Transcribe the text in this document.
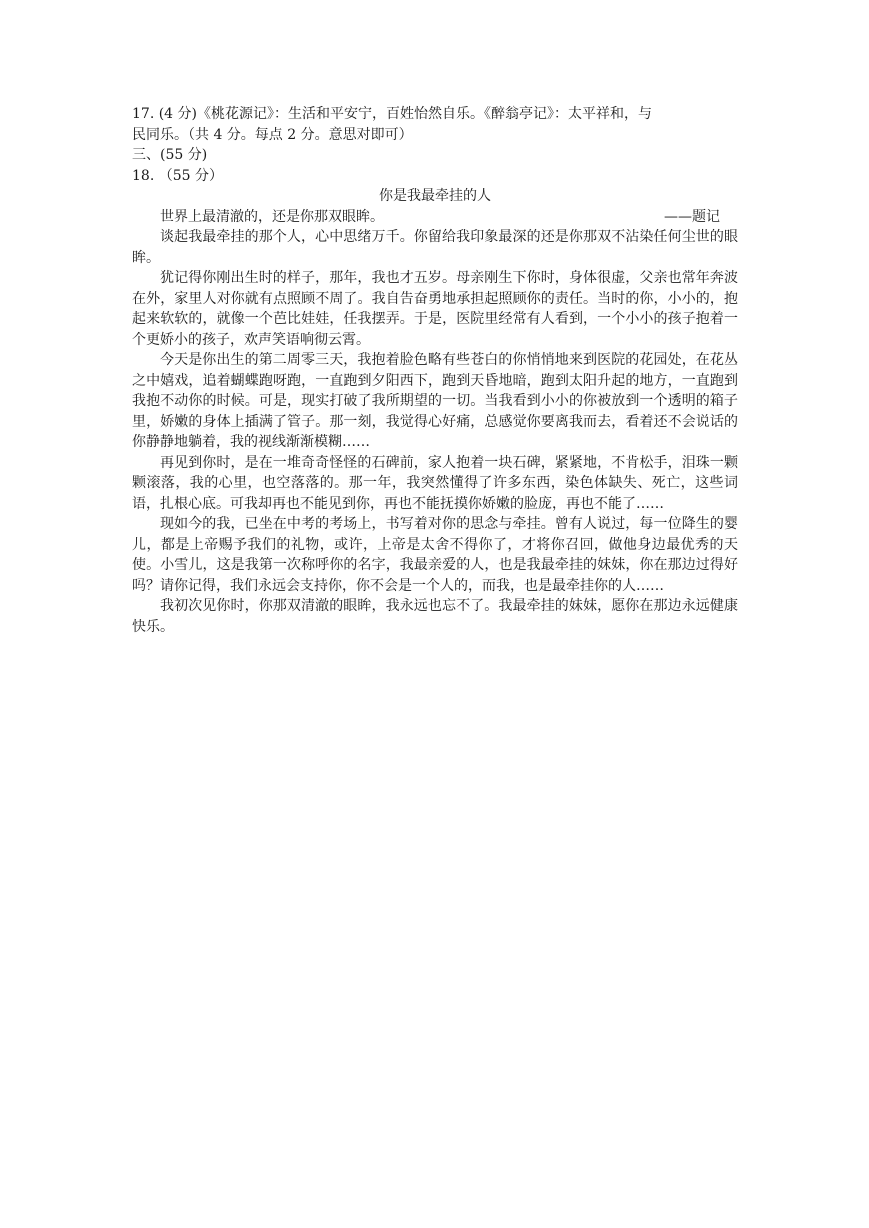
17. (4 分)《桃花源记》：生活和平安宁，百姓怡然自乐。《醉翁亭记》：太平祥和，与

民同乐。（共 4 分。每点 2 分。意思对即可）

三、(55 分)

18. （55 分）

你是我最牵挂的人

世界上最清澈的，还是你那双眼眸。	——题记

谈起我最牵挂的那个人，心中思绪万千。你留给我印象最深的还是你那双不沾染任何尘世的眼眸。

犹记得你刚出生时的样子，那年，我也才五岁。母亲刚生下你时，身体很虚，父亲也常年奔波在外，家里人对你就有点照顾不周了。我自告奋勇地承担起照顾你的责任。当时的你，小小的，抱起来软软的，就像一个芭比娃娃，任我摆弄。于是，医院里经常有人看到，一个小小的孩子抱着一个更娇小的孩子，欢声笑语响彻云霄。

今天是你出生的第二周零三天，我抱着脸色略有些苍白的你悄悄地来到医院的花园处，在花丛之中嬉戏，追着蝴蝶跑呀跑，一直跑到夕阳西下，跑到天昏地暗，跑到太阳升起的地方，一直跑到我抱不动你的时候。可是，现实打破了我所期望的一切。当我看到小小的你被放到一个透明的箱子里，娇嫩的身体上插满了管子。那一刻，我觉得心好痛，总感觉你要离我而去，看着还不会说话的你静静地躺着，我的视线渐渐模糊……

再见到你时，是在一堆奇奇怪怪的石碑前，家人抱着一块石碑，紧紧地，不肯松手，泪珠一颗颗滚落，我的心里，也空落落的。那一年，我突然懂得了许多东西，染色体缺失、死亡，这些词语，扎根心底。可我却再也不能见到你，再也不能抚摸你娇嫩的脸庞，再也不能了……

现如今的我，已坐在中考的考场上，书写着对你的思念与牵挂。曾有人说过，每一位降生的婴儿，都是上帝赐予我们的礼物，或许，上帝是太舍不得你了，才将你召回，做他身边最优秀的天使。小雪儿，这是我第一次称呼你的名字，我最亲爱的人，也是我最牵挂的妹妹，你在那边过得好吗？请你记得，我们永远会支持你，你不会是一个人的，而我，也是最牵挂你的人……

我初次见你时，你那双清澈的眼眸，我永远也忘不了。我最牵挂的妹妹，愿你在那边永远健康快乐。
